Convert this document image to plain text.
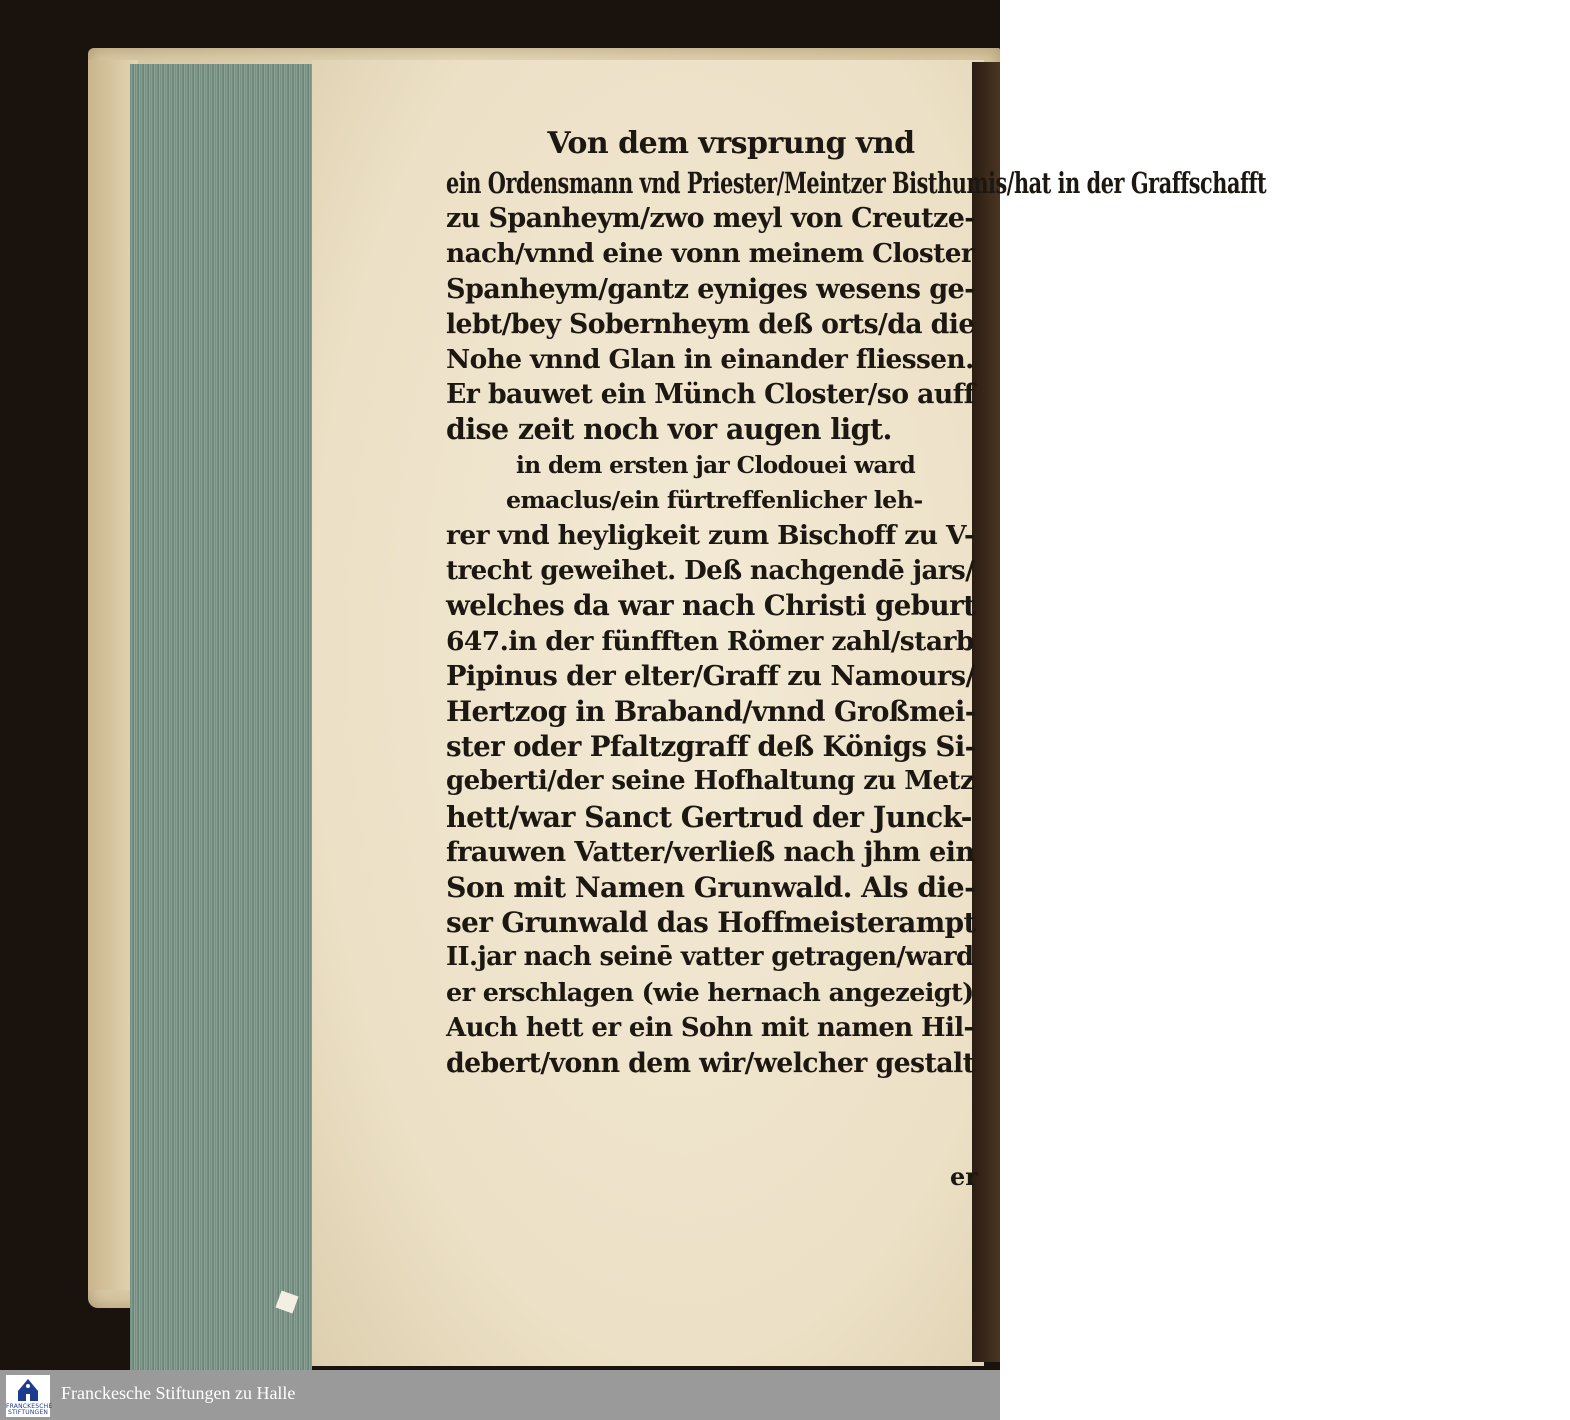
Von dem vrsprung vnd
ein Ordensmann vnd Priester/Meintzer Bisthumis/hat in der Graffschafft
zu Spanheym/zwo meyl von Creutze-
nach/vnnd eine vonn meinem Closter
Spanheym/gantz eyniges wesens ge-
lebt/bey Sobernheym deß orts/da die
Nohe vnnd Glan in einander fliessen.
Er bauwet ein Münch Closter/so auff
dise zeit noch vor augen ligt.
in dem ersten jar Clodouei ward
emaclus/ein fürtreffenlicher leh-
rer vnd heyligkeit zum Bischoff zu V-
trecht geweihet. Deß nachgendē jars/
welches da war nach Christi geburt
647.in der fünfften Römer zahl/starb
Pipinus der elter/Graff zu Namours/
Hertzog in Braband/vnnd Großmei-
ster oder Pfaltzgraff deß Königs Si-
geberti/der seine Hofhaltung zu Metz
hett/war Sanct Gertrud der Junck-
frauwen Vatter/verließ nach jhm ein
Son mit Namen Grunwald. Als die-
ser Grunwald das Hoffmeisterampt
II.jar nach seinē vatter getragen/ward
er erschlagen (wie hernach angezeigt)
Auch hett er ein Sohn mit namen Hil-
debert/vonn dem wir/welcher gestalt
er
FRANCKESCHE STIFTUNGEN
Franckesche Stiftungen zu Halle
